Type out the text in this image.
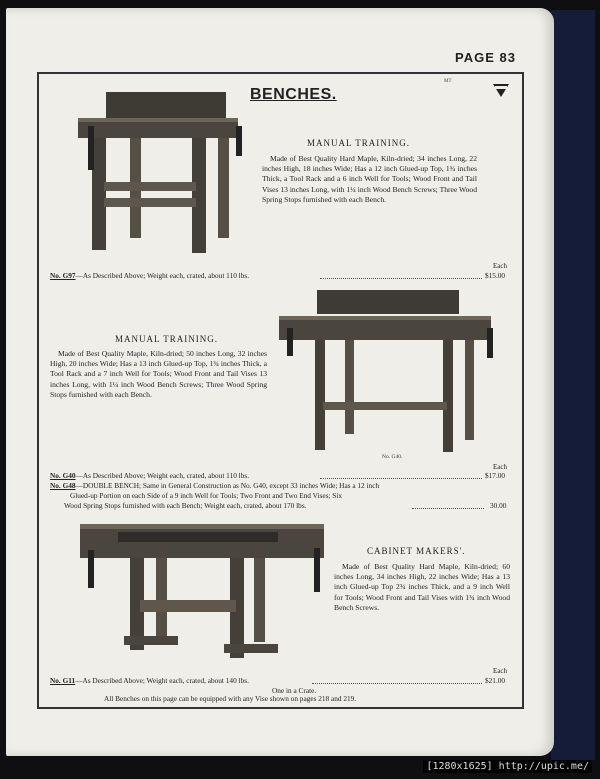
PAGE 83
MT
BENCHES.
MANUAL TRAINING.
Made of Best Quality Hard Maple, Kiln-dried; 34 inches Long, 22 inches High, 18 inches Wide; Has a 12 inch Glued-up Top, 1¾ inches Thick, a Tool Rack and a 6 inch Well for Tools; Wood Front and Tail Vises 13 inches Long, with 1¼ inch Wood Bench Screws; Three Wood Spring Stops furnished with each Bench.
Each
No. G97—As Described Above; Weight each, crated, about 110 lbs.	$15.00
No. G40.
MANUAL TRAINING.
Made of Best Quality Maple, Kiln-dried; 50 inches Long, 32 inches High, 20 inches Wide; Has a 13 inch Glued-up Top, 1¾ inches Thick, a Tool Rack and a 7 inch Well for Tools; Wood Front and Tail Vises 13 inches Long, with 1¼ inch Wood Bench Screws; Three Wood Spring Stops furnished with each Bench.
Each
No. G40—As Described Above; Weight each, crated, about 110 lbs.	$17.00
No. G48—DOUBLE BENCH; Same in General Construction as No. G40, except 33 inches Wide; Has a 12 inch
Glued-up Portion on each Side of a 9 inch Well for Tools; Two Front and Two End Vises; Six
Wood Spring Stops furnished with each Bench; Weight each, crated, about 170 lbs.	30.00
CABINET MAKERS'.
Made of Best Quality Hard Maple, Kiln-dried; 60 inches Long, 34 inches High, 22 inches Wide; Has a 13 inch Glued-up Top 2¾ inches Thick, and a 9 inch Well for Tools; Wood Front and Tail Vises with 1¾ inch Wood Bench Screws.
Each
No. G11—As Described Above; Weight each, crated, about 140 lbs.	$21.00
One in a Crate.
All Benches on this page can be equipped with any Vise shown on pages 218 and 219.
[1280x1625] http://upic.me/
